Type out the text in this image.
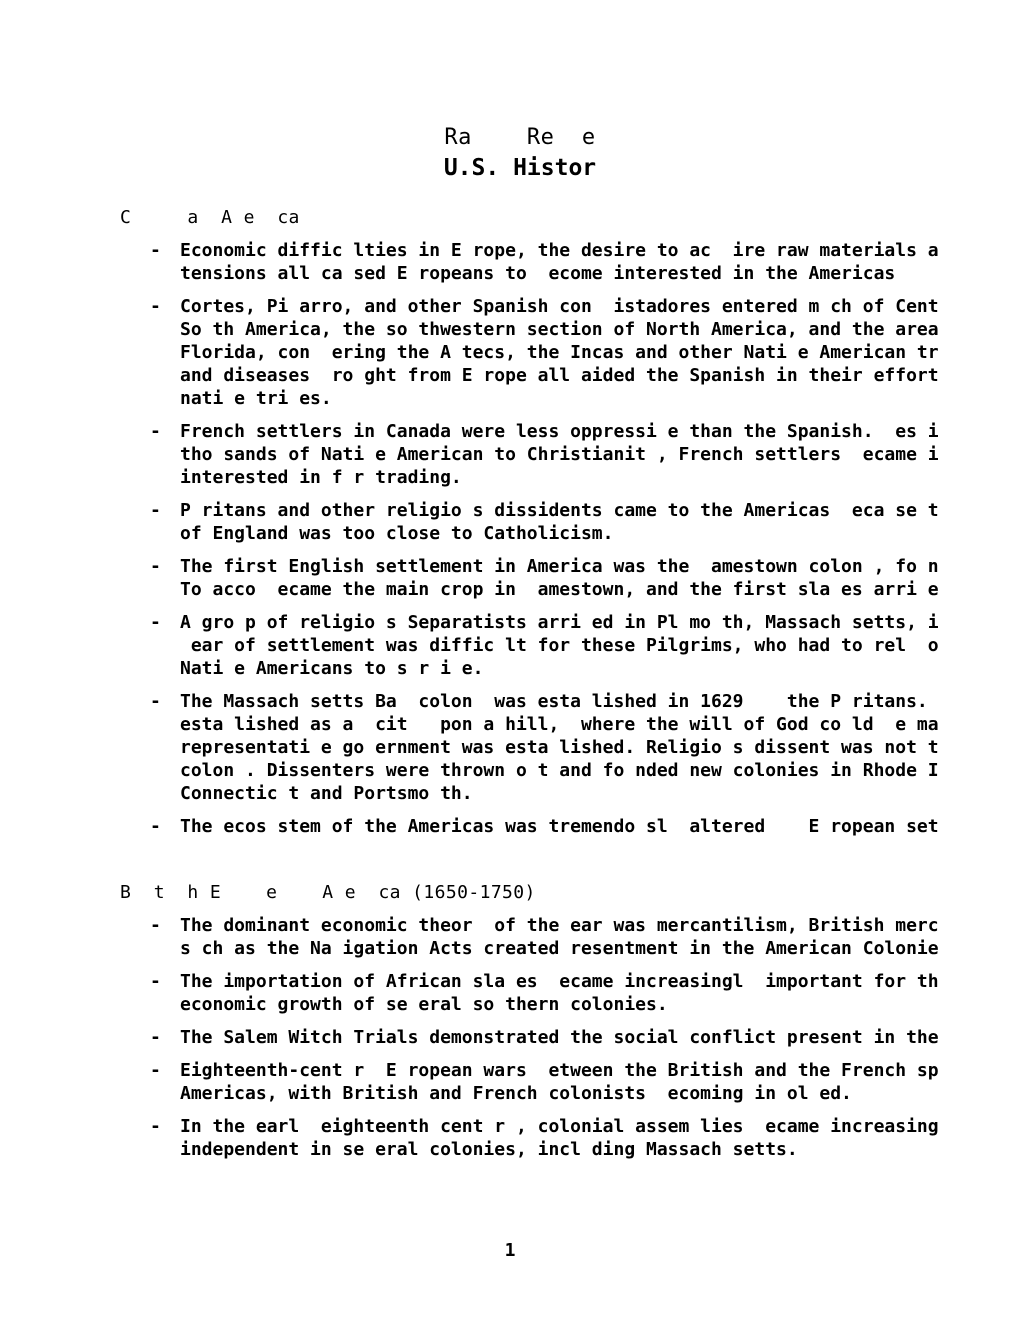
Ra    Re  e
U.S. Histor
C     a  A e  ca
- Economic diffic lties in E rope, the desire to ac  ire raw materials a
tensions all ca sed E ropeans to  ecome interested in the Americas
- Cortes, Pi arro, and other Spanish con  istadores entered m ch of Cent
So th America, the so thwestern section of North America, and the area
Florida, con  ering the A tecs, the Incas and other Nati e American tr
and diseases  ro ght from E rope all aided the Spanish in their effort
nati e tri es.
- French settlers in Canada were less oppressi e than the Spanish.  es i
tho sands of Nati e American to Christianit , French settlers  ecame i
interested in f r trading.
- P ritans and other religio s dissidents came to the Americas  eca se t
of England was too close to Catholicism.
- The first English settlement in America was the  amestown colon , fo n
To acco  ecame the main crop in  amestown, and the first sla es arri e
- A gro p of religio s Separatists arri ed in Pl mo th, Massach setts, i
ear of settlement was diffic lt for these Pilgrims, who had to rel  o
Nati e Americans to s r i e.
- The Massach setts Ba  colon  was esta lished in 1629    the P ritans.
esta lished as a  cit   pon a hill,  where the will of God co ld  e ma
representati e go ernment was esta lished. Religio s dissent was not t
colon . Dissenters were thrown o t and fo nded new colonies in Rhode I
Connectic t and Portsmo th.
- The ecos stem of the Americas was tremendo sl  altered    E ropean set
B  t  h E    e    A e  ca (1650-1750)
- The dominant economic theor  of the ear was mercantilism, British merc
s ch as the Na igation Acts created resentment in the American Colonie
- The importation of African sla es  ecame increasingl  important for th
economic growth of se eral so thern colonies.
- The Salem Witch Trials demonstrated the social conflict present in the
- Eighteenth-cent r  E ropean wars  etween the British and the French sp
Americas, with British and French colonists  ecoming in ol ed.
- In the earl  eighteenth cent r , colonial assem lies  ecame increasing
independent in se eral colonies, incl ding Massach setts.
1
